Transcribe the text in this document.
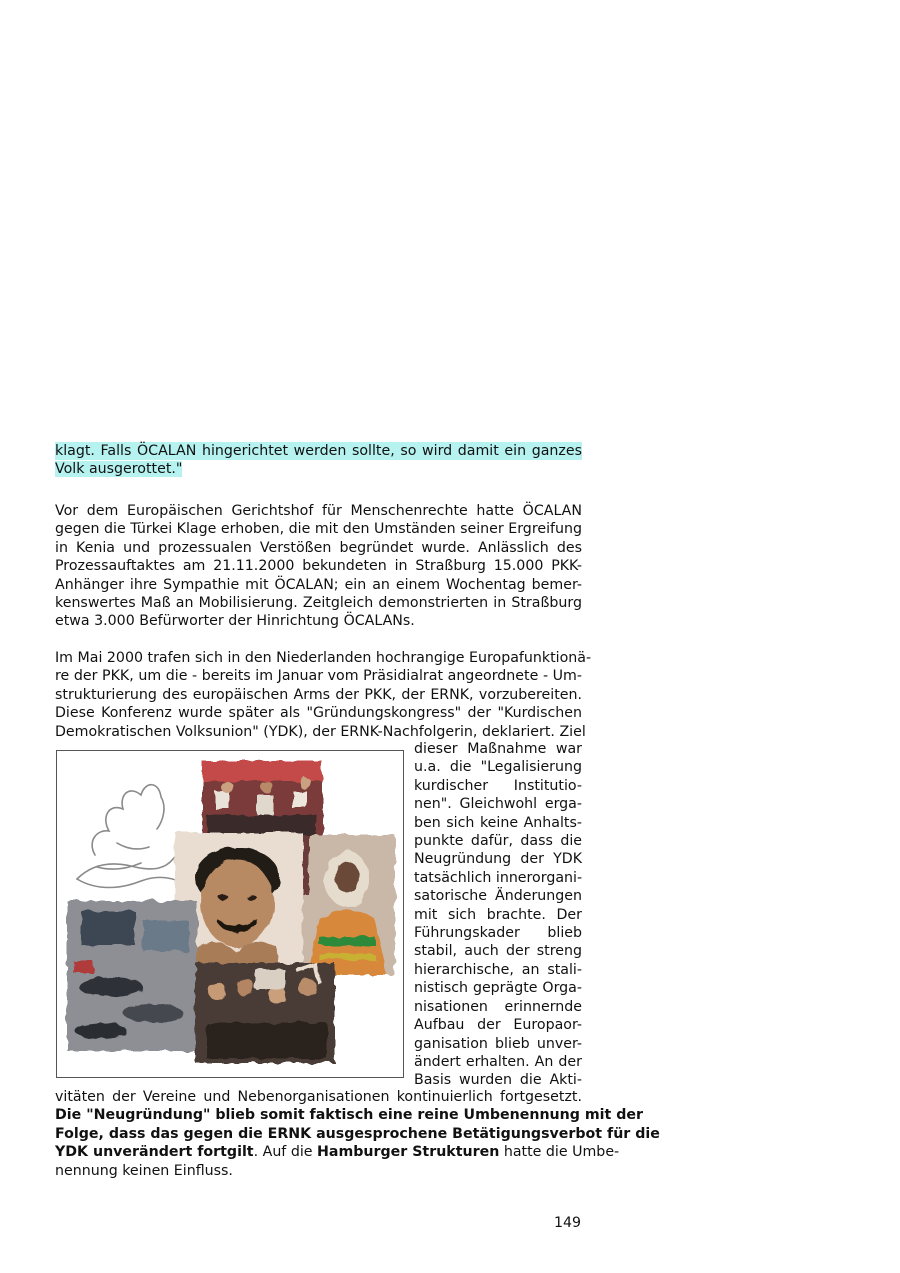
klagt. Falls ÖCALAN hingerichtet werden sollte, so wird damit ein ganzes
Volk ausgerottet."
Vor dem Europäischen Gerichtshof für Menschenrechte hatte ÖCALAN
gegen die Türkei Klage erhoben, die mit den Umständen seiner Ergreifung
in Kenia und prozessualen Verstößen begründet wurde. Anlässlich des
Prozessauftaktes am 21.11.2000 bekundeten in Straßburg 15.000 PKK-
Anhänger ihre Sympathie mit ÖCALAN; ein an einem Wochentag bemer-
kenswertes Maß an Mobilisierung. Zeitgleich demonstrierten in Straßburg
etwa 3.000 Befürworter der Hinrichtung ÖCALANs.
Im Mai 2000 trafen sich in den Niederlanden hochrangige Europafunktionä-
re der PKK, um die - bereits im Januar vom Präsidialrat angeordnete - Um-
strukturierung des europäischen Arms der PKK, der ERNK, vorzubereiten.
Diese Konferenz wurde später als "Gründungskongress" der "Kurdischen
Demokratischen Volksunion" (YDK), der ERNK-Nachfolgerin, deklariert. Ziel
dieser Maßnahme war
u.a. die "Legalisierung
kurdischer Institutio-
nen". Gleichwohl erga-
ben sich keine Anhalts-
punkte dafür, dass die
Neugründung der YDK
tatsächlich innerorgani-
satorische Änderungen
mit sich brachte. Der
Führungskader blieb
stabil, auch der streng
hierarchische, an stali-
nistisch geprägte Orga-
nisationen erinnernde
Aufbau der Europaor-
ganisation blieb unver-
ändert erhalten. An der
Basis wurden die Akti-
vitäten der Vereine und Nebenorganisationen kontinuierlich fortgesetzt.
Die "Neugründung" blieb somit faktisch eine reine Umbenennung mit der
Folge, dass das gegen die ERNK ausgesprochene Betätigungsverbot für die
YDK unverändert fortgilt. Auf die Hamburger Strukturen hatte die Umbe-
nennung keinen Einfluss.
149
